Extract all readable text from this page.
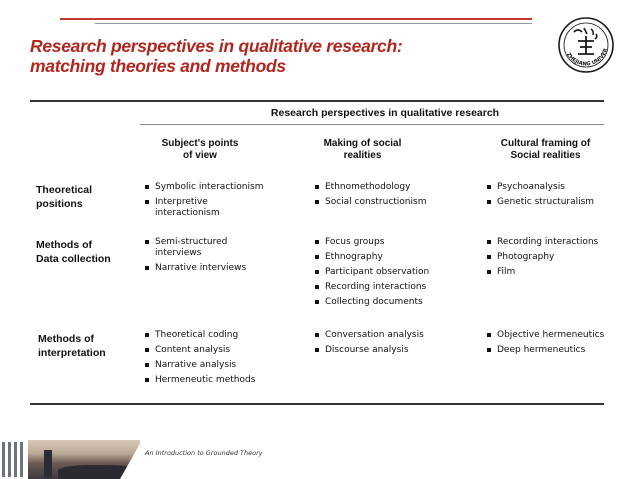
Research perspectives in qualitative research:
matching theories and methods
ZHEJIANG UNIVER
Research perspectives in qualitative research
Subject's points
of view
Making of social
realities
Cultural framing of
Social realities
Theoretical
positions
Symbolic interactionism
Interpretive interactionism
Ethnomethodology
Social constructionism
Psychoanalysis
Genetic structuralism
Methods of
Data collection
Semi-structured interviews
Narrative interviews
Focus groups
Ethnography
Participant observation
Recording interactions
Collecting documents
Recording interactions
Photography
Film
Methods of
interpretation
Theoretical coding
Content analysis
Narrative analysis
Hermeneutic methods
Conversation analysis
Discourse analysis
Objective hermeneutics
Deep hermeneutics
An Introduction to Grounded Theory
